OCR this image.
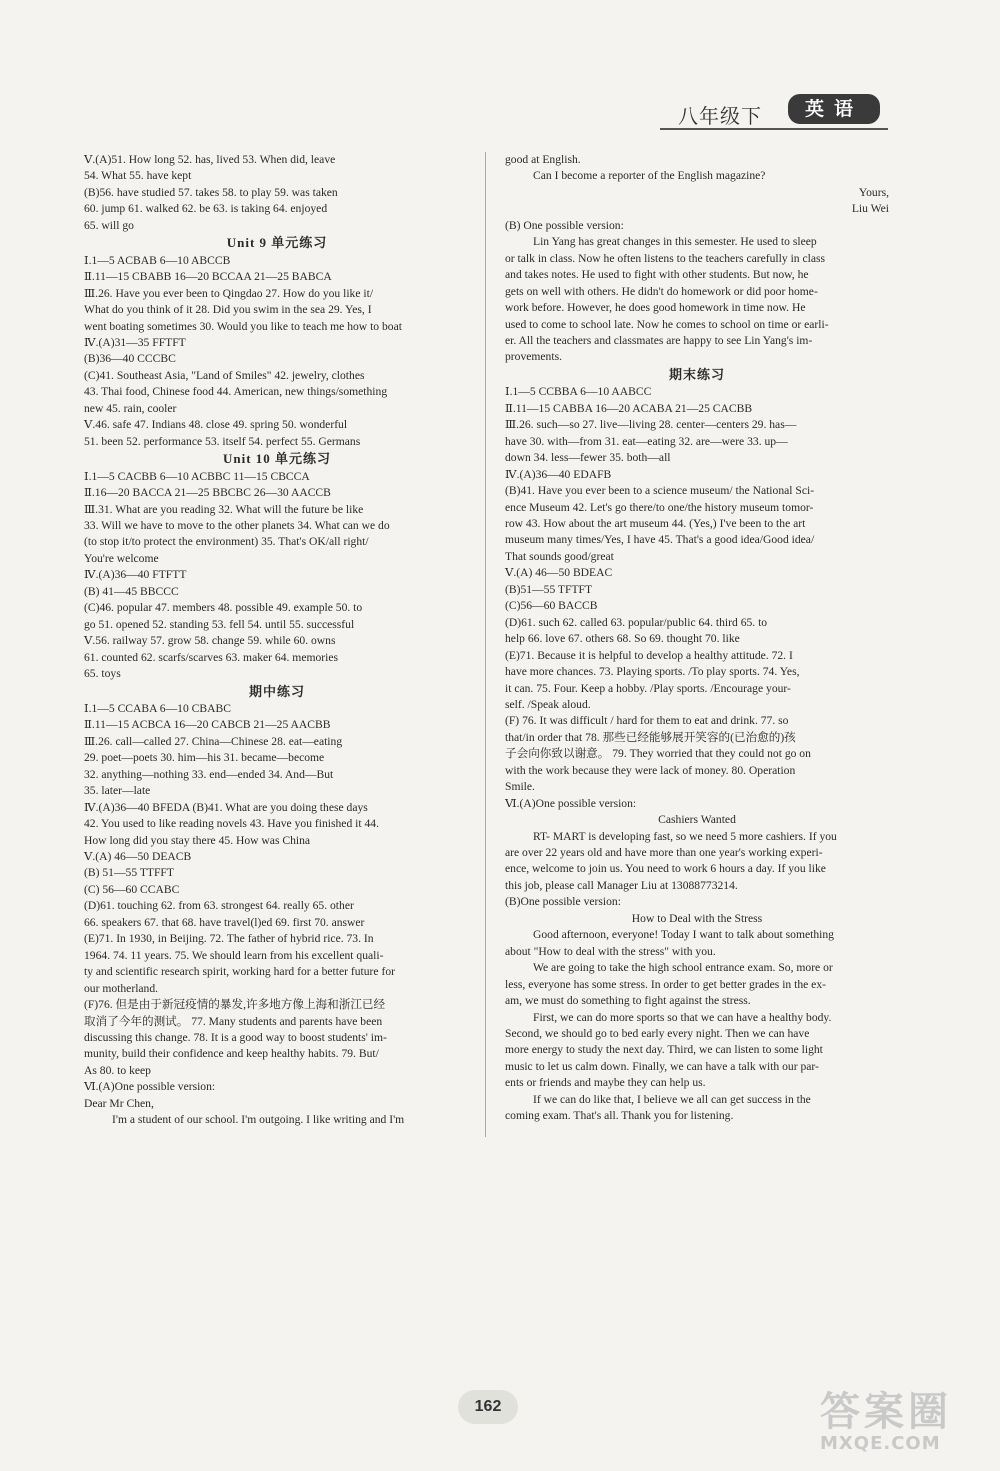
八年级下	英语

Ⅴ.(A)51. How long 52. has, lived 53. When did, leave

54. What 55. have kept

(B)56. have studied 57. takes 58. to play 59. was taken

60. jump 61. walked 62. be 63. is taking 64. enjoyed

65. will go

Unit 9 单元练习

Ⅰ.1—5 ACBAB 6—10 ABCCB

Ⅱ.11—15 CBABB 16—20 BCCAA 21—25 BABCA

Ⅲ.26. Have you ever been to Qingdao 27. How do you like it/

What do you think of it 28. Did you swim in the sea 29. Yes, I

went boating sometimes 30. Would you like to teach me how to boat

Ⅳ.(A)31—35 FFTFT

(B)36—40 CCCBC

(C)41. Southeast Asia, "Land of Smiles" 42. jewelry, clothes

43. Thai food, Chinese food 44. American, new things/something

new 45. rain, cooler

Ⅴ.46. safe 47. Indians 48. close 49. spring 50. wonderful

51. been 52. performance 53. itself 54. perfect 55. Germans

Unit 10 单元练习

Ⅰ.1—5 CACBB 6—10 ACBBC 11—15 CBCCA

Ⅱ.16—20 BACCA 21—25 BBCBC 26—30 AACCB

Ⅲ.31. What are you reading 32. What will the future be like

33. Will we have to move to the other planets 34. What can we do

(to stop it/to protect the environment) 35. That's OK/all right/

You're welcome

Ⅳ.(A)36—40 FTFTT

(B) 41—45 BBCCC

(C)46. popular 47. members 48. possible 49. example 50. to

go 51. opened 52. standing 53. fell 54. until 55. successful

Ⅴ.56. railway 57. grow 58. change 59. while 60. owns

61. counted 62. scarfs/scarves 63. maker 64. memories

65. toys

期中练习

Ⅰ.1—5 CCABA 6—10 CBABC

Ⅱ.11—15 ACBCA 16—20 CABCB 21—25 AACBB

Ⅲ.26. call—called 27. China—Chinese 28. eat—eating

29. poet—poets 30. him—his 31. became—become

32. anything—nothing 33. end—ended 34. And—But

35. later—late

Ⅳ.(A)36—40 BFEDA (B)41. What are you doing these days

42. You used to like reading novels 43. Have you finished it 44.

How long did you stay there 45. How was China

Ⅴ.(A) 46—50 DEACB

(B) 51—55 TTFFT

(C) 56—60 CCABC

(D)61. touching 62. from 63. strongest 64. really 65. other

66. speakers 67. that 68. have travel(l)ed 69. first 70. answer

(E)71. In 1930, in Beijing. 72. The father of hybrid rice. 73. In

1964. 74. 11 years. 75. We should learn from his excellent quali-

ty and scientific research spirit, working hard for a better future for

our motherland.

(F)76. 但是由于新冠疫情的暴发,许多地方像上海和浙江已经

取消了今年的测试。 77. Many students and parents have been

discussing this change. 78. It is a good way to boost students' im-

munity, build their confidence and keep healthy habits. 79. But/

As 80. to keep

Ⅵ.(A)One possible version:

Dear Mr Chen,

I'm a student of our school. I'm outgoing. I like writing and I'm

good at English.

Can I become a reporter of the English magazine?

Yours,

Liu Wei

(B) One possible version:

Lin Yang has great changes in this semester. He used to sleep

or talk in class. Now he often listens to the teachers carefully in class

and takes notes. He used to fight with other students. But now, he

gets on well with others. He didn't do homework or did poor home-

work before. However, he does good homework in time now. He

used to come to school late. Now he comes to school on time or earli-

er. All the teachers and classmates are happy to see Lin Yang's im-

provements.

期末练习

Ⅰ.1—5 CCBBA 6—10 AABCC

Ⅱ.11—15 CABBA 16—20 ACABA 21—25 CACBB

Ⅲ.26. such—so 27. live—living 28. center—centers 29. has—

have 30. with—from 31. eat—eating 32. are—were 33. up—

down 34. less—fewer 35. both—all

Ⅳ.(A)36—40 EDAFB

(B)41. Have you ever been to a science museum/ the National Sci-

ence Museum 42. Let's go there/to one/the history museum tomor-

row 43. How about the art museum 44. (Yes,) I've been to the art

museum many times/Yes, I have 45. That's a good idea/Good idea/

That sounds good/great

Ⅴ.(A) 46—50 BDEAC

(B)51—55 TFTFT

(C)56—60 BACCB

(D)61. such 62. called 63. popular/public 64. third 65. to

help 66. love 67. others 68. So 69. thought 70. like

(E)71. Because it is helpful to develop a healthy attitude. 72. I

have more chances. 73. Playing sports. /To play sports. 74. Yes,

it can. 75. Four. Keep a hobby. /Play sports. /Encourage your-

self. /Speak aloud.

(F) 76. It was difficult / hard for them to eat and drink. 77. so

that/in order that 78. 那些已经能够展开笑容的(已治愈的)孩

子会向你致以谢意。 79. They worried that they could not go on

with the work because they were lack of money. 80. Operation

Smile.

Ⅵ.(A)One possible version:

Cashiers Wanted

RT- MART is developing fast, so we need 5 more cashiers. If you

are over 22 years old and have more than one year's working experi-

ence, welcome to join us. You need to work 6 hours a day. If you like

this job, please call Manager Liu at 13088773214.

(B)One possible version:

How to Deal with the Stress

Good afternoon, everyone! Today I want to talk about something

about "How to deal with the stress" with you.

We are going to take the high school entrance exam. So, more or

less, everyone has some stress. In order to get better grades in the ex-

am, we must do something to fight against the stress.

First, we can do more sports so that we can have a healthy body.

Second, we should go to bed early every night. Then we can have

more energy to study the next day. Third, we can listen to some light

music to let us calm down. Finally, we can have a talk with our par-

ents or friends and maybe they can help us.

If we can do like that, I believe we all can get success in the

coming exam. That's all. Thank you for listening.

162	答案圈
MXQE.COM
